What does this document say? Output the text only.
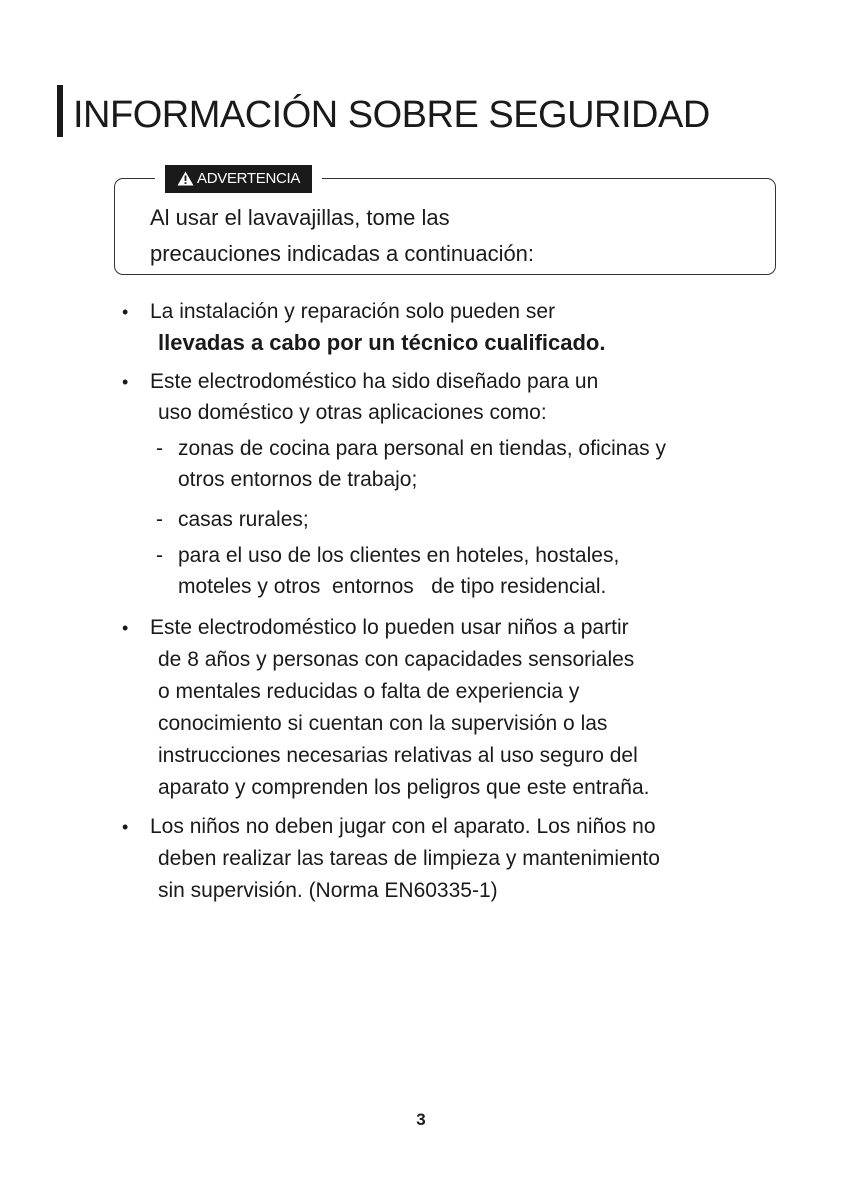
INFORMACIÓN SOBRE SEGURIDAD
ADVERTENCIA
Al usar el lavavajillas, tome las
precauciones indicadas a continuación:
• La instalación y reparación solo pueden ser
llevadas a cabo por un técnico cualificado.
• Este electrodoméstico ha sido diseñado para un
uso doméstico y otras aplicaciones como:
- zonas de cocina para personal en tiendas, oficinas y
otros entornos de trabajo;
- casas rurales;
- para el uso de los clientes en hoteles, hostales,
moteles y otros  entornos   de tipo residencial.
• Este electrodoméstico lo pueden usar niños a partir
de 8 años y personas con capacidades sensoriales
o mentales reducidas o falta de experiencia y
conocimiento si cuentan con la supervisión o las
instrucciones necesarias relativas al uso seguro del
aparato y comprenden los peligros que este entraña.
• Los niños no deben jugar con el aparato. Los niños no
deben realizar las tareas de limpieza y mantenimiento
sin supervisión. (Norma EN60335-1)
3
